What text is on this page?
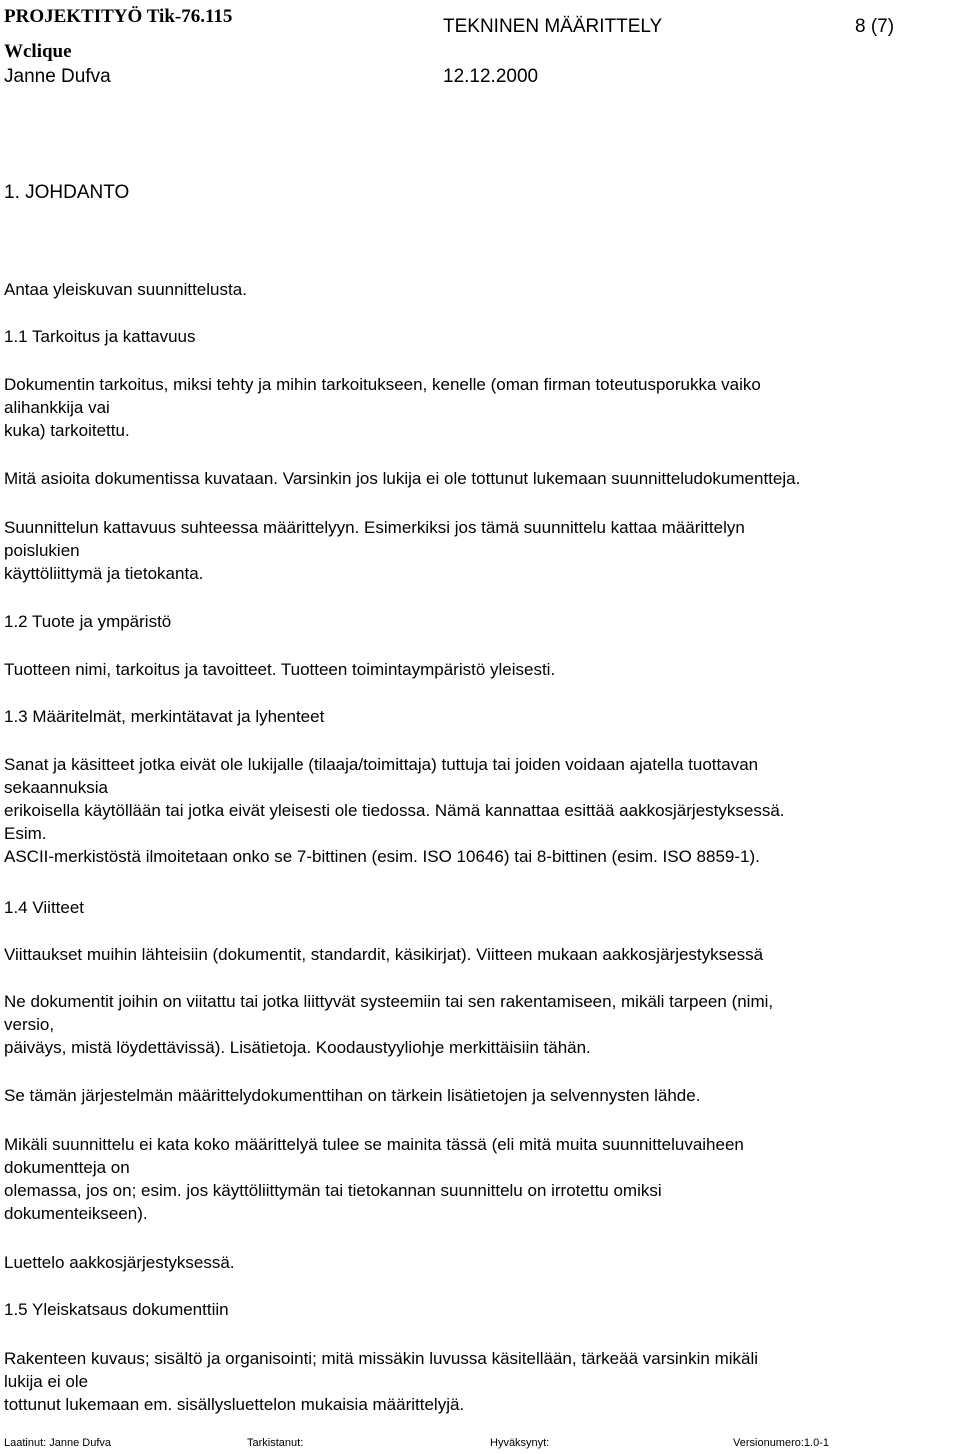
PROJEKTITYÖ Tik-76.115	TEKNINEN MÄÄRITTELY	8 (7)
Wclique
Janne Dufva	12.12.2000
1. JOHDANTO
Antaa yleiskuvan suunnittelusta.
1.1 Tarkoitus ja kattavuus
Dokumentin tarkoitus, miksi tehty ja mihin tarkoitukseen, kenelle (oman firman toteutusporukka vaiko
alihankkija vai
kuka) tarkoitettu.
Mitä asioita dokumentissa kuvataan. Varsinkin jos lukija ei ole tottunut lukemaan suunnitteludokumentteja.
Suunnittelun kattavuus suhteessa määrittelyyn. Esimerkiksi jos tämä suunnittelu kattaa määrittelyn
poislukien
käyttöliittymä ja tietokanta.
1.2 Tuote ja ympäristö
Tuotteen nimi, tarkoitus ja tavoitteet. Tuotteen toimintaympäristö yleisesti.
1.3 Määritelmät, merkintätavat ja lyhenteet
Sanat ja käsitteet jotka eivät ole lukijalle (tilaaja/toimittaja) tuttuja tai joiden voidaan ajatella tuottavan
sekaannuksia
erikoisella käytöllään tai jotka eivät yleisesti ole tiedossa. Nämä kannattaa esittää aakkosjärjestyksessä.
Esim.
ASCII-merkistöstä ilmoitetaan onko se 7-bittinen (esim. ISO 10646) tai 8-bittinen (esim. ISO 8859-1).
1.4 Viitteet
Viittaukset muihin lähteisiin (dokumentit, standardit, käsikirjat). Viitteen mukaan aakkosjärjestyksessä
Ne dokumentit joihin on viitattu tai jotka liittyvät systeemiin tai sen rakentamiseen, mikäli tarpeen (nimi,
versio,
päiväys, mistä löydettävissä). Lisätietoja. Koodaustyyliohje merkittäisiin tähän.
Se tämän järjestelmän määrittelydokumenttihan on tärkein lisätietojen ja selvennysten lähde.
Mikäli suunnittelu ei kata koko määrittelyä tulee se mainita tässä (eli mitä muita suunnitteluvaiheen
dokumentteja on
olemassa, jos on; esim. jos käyttöliittymän tai tietokannan suunnittelu on irrotettu omiksi
dokumenteikseen).
Luettelo aakkosjärjestyksessä.
1.5 Yleiskatsaus dokumenttiin
Rakenteen kuvaus; sisältö ja organisointi; mitä missäkin luvussa käsitellään, tärkeää varsinkin mikäli
lukija ei ole
tottunut lukemaan em. sisällysluettelon mukaisia määrittelyjä.
Laatinut: Janne Dufva	Tarkistanut:	Hyväksynyt:	Versionumero:1.0-1
